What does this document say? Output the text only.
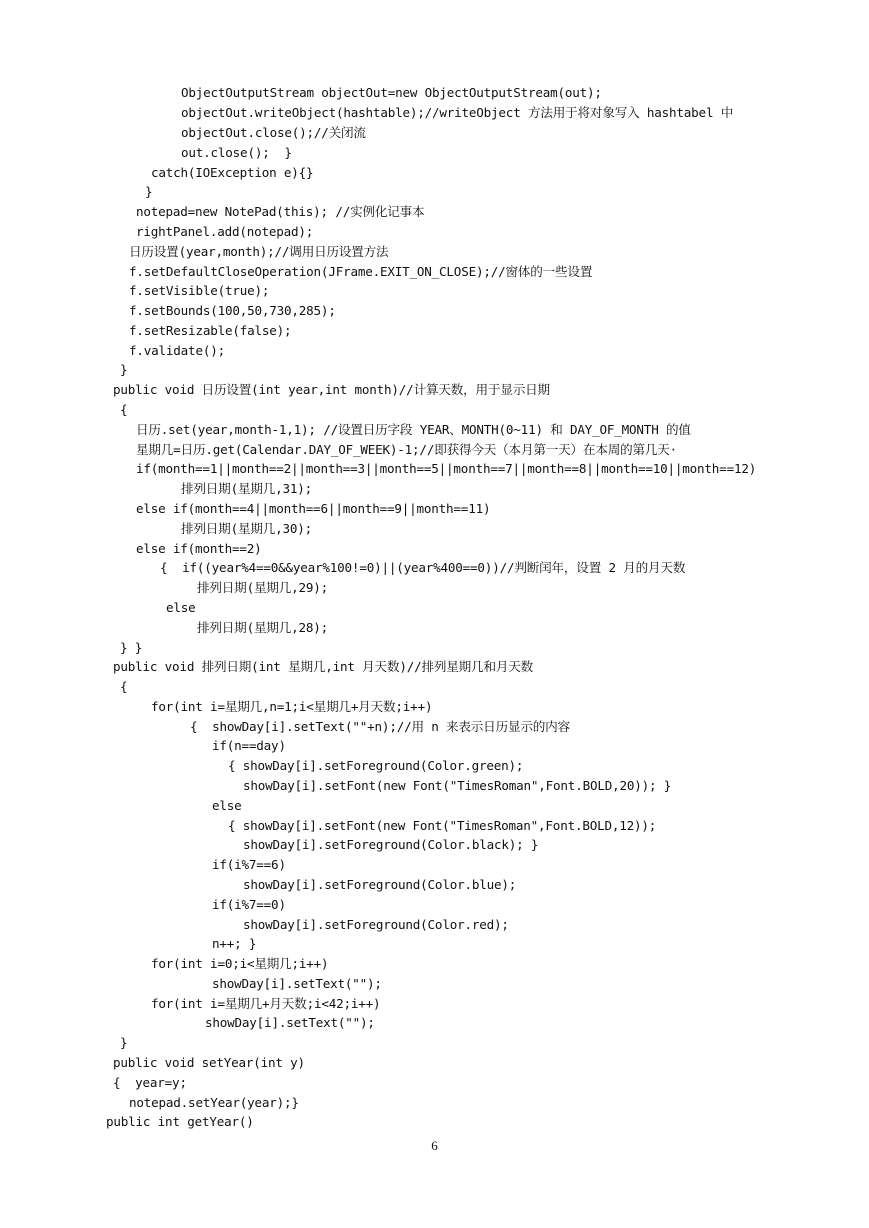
ObjectOutputStream objectOut=new ObjectOutputStream(out);
objectOut.writeObject(hashtable);//writeObject 方法用于将对象写入 hashtabel 中
objectOut.close();//关闭流
out.close();  }
catch(IOException e){}
}
notepad=new NotePad(this); //实例化记事本
rightPanel.add(notepad);
日历设置(year,month);//调用日历设置方法
f.setDefaultCloseOperation(JFrame.EXIT_ON_CLOSE);//窗体的一些设置
f.setVisible(true);
f.setBounds(100,50,730,285);
f.setResizable(false);
f.validate();
}
public void 日历设置(int year,int month)//计算天数，用于显示日期
{
日历.set(year,month-1,1); //设置日历字段 YEAR、MONTH(0~11) 和 DAY_OF_MONTH 的值
星期几=日历.get(Calendar.DAY_OF_WEEK)-1;//即获得今天（本月第一天）在本周的第几天·
if(month==1||month==2||month==3||month==5||month==7||month==8||month==10||month==12)
排列日期(星期几,31);
else if(month==4||month==6||month==9||month==11)
排列日期(星期几,30);
else if(month==2)
{  if((year%4==0&&year%100!=0)||(year%400==0))//判断闰年，设置 2 月的月天数
排列日期(星期几,29);
else
排列日期(星期几,28);
} }
public void 排列日期(int 星期几,int 月天数)//排列星期几和月天数
{
for(int i=星期几,n=1;i<星期几+月天数;i++)
{  showDay[i].setText(""+n);//用 n 来表示日历显示的内容
if(n==day)
{ showDay[i].setForeground(Color.green);
showDay[i].setFont(new Font("TimesRoman",Font.BOLD,20)); }
else
{ showDay[i].setFont(new Font("TimesRoman",Font.BOLD,12));
showDay[i].setForeground(Color.black); }
if(i%7==6)
showDay[i].setForeground(Color.blue);
if(i%7==0)
showDay[i].setForeground(Color.red);
n++; }
for(int i=0;i<星期几;i++)
showDay[i].setText("");
for(int i=星期几+月天数;i<42;i++)
showDay[i].setText("");
}
public void setYear(int y)
{  year=y;
notepad.setYear(year);}
public int getYear()
6
